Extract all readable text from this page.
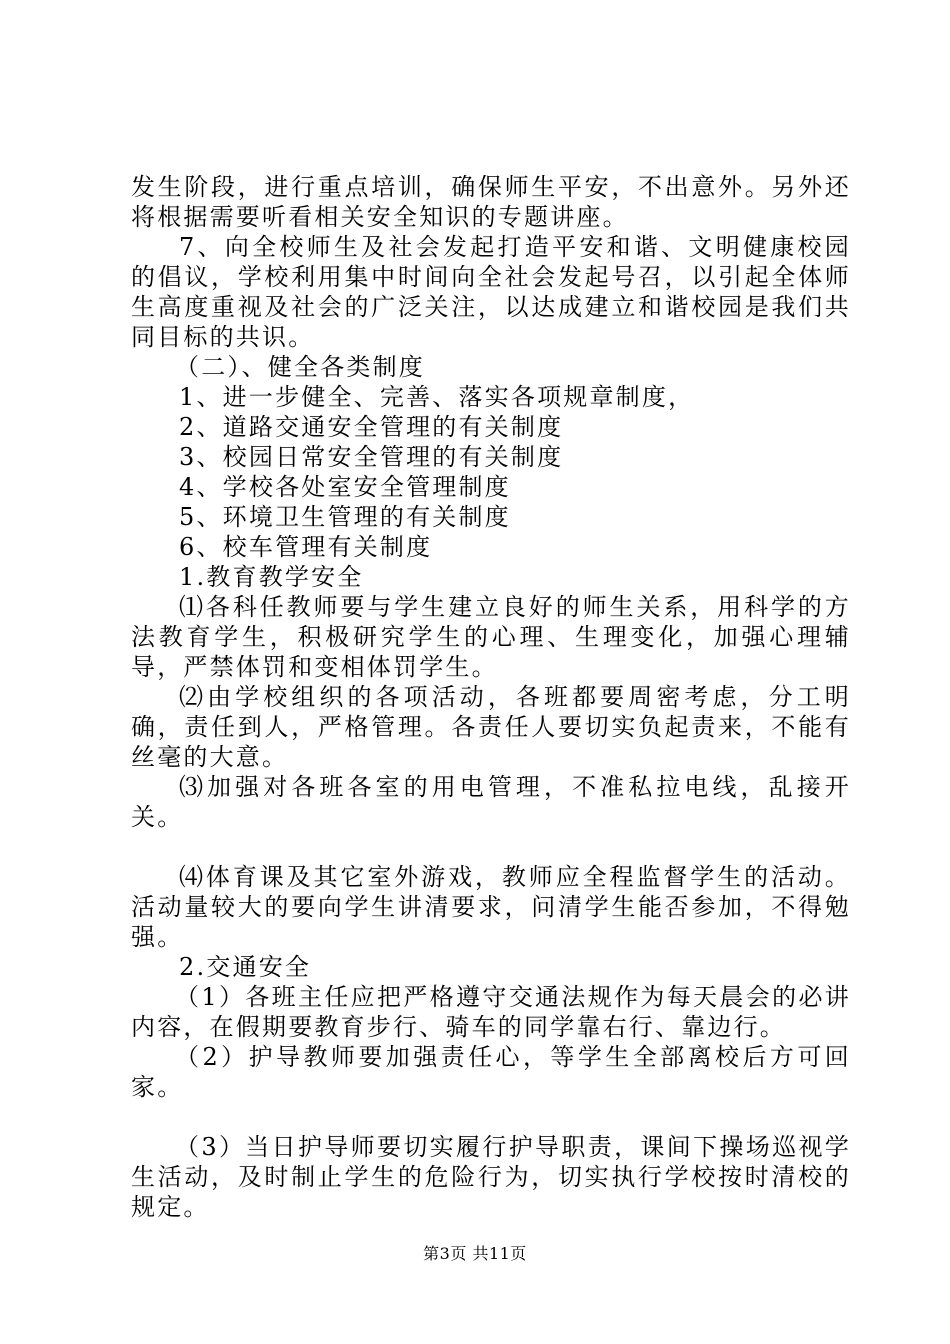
发生阶段，进行重点培训，确保师生平安，不出意外。另外还将根据需要听看相关安全知识的专题讲座。

7、向全校师生及社会发起打造平安和谐、文明健康校园的倡议，学校利用集中时间向全社会发起号召，以引起全体师生高度重视及社会的广泛关注，以达成建立和谐校园是我们共同目标的共识。

（二）、健全各类制度

1、进一步健全、完善、落实各项规章制度，

2、道路交通安全管理的有关制度

3、校园日常安全管理的有关制度

4、学校各处室安全管理制度

5、环境卫生管理的有关制度

6、校车管理有关制度

1.教育教学安全

⑴各科任教师要与学生建立良好的师生关系，用科学的方法教育学生，积极研究学生的心理、生理变化，加强心理辅导，严禁体罚和变相体罚学生。

⑵由学校组织的各项活动，各班都要周密考虑，分工明确，责任到人，严格管理。各责任人要切实负起责来，不能有丝毫的大意。

⑶加强对各班各室的用电管理，不准私拉电线，乱接开关。

⑷体育课及其它室外游戏，教师应全程监督学生的活动。活动量较大的要向学生讲清要求，问清学生能否参加，不得勉强。

2.交通安全

（1）各班主任应把严格遵守交通法规作为每天晨会的必讲内容，在假期要教育步行、骑车的同学靠右行、靠边行。

（2）护导教师要加强责任心，等学生全部离校后方可回家。

（3）当日护导师要切实履行护导职责，课间下操场巡视学生活动，及时制止学生的危险行为，切实执行学校按时清校的规定。

第3页 共11页
